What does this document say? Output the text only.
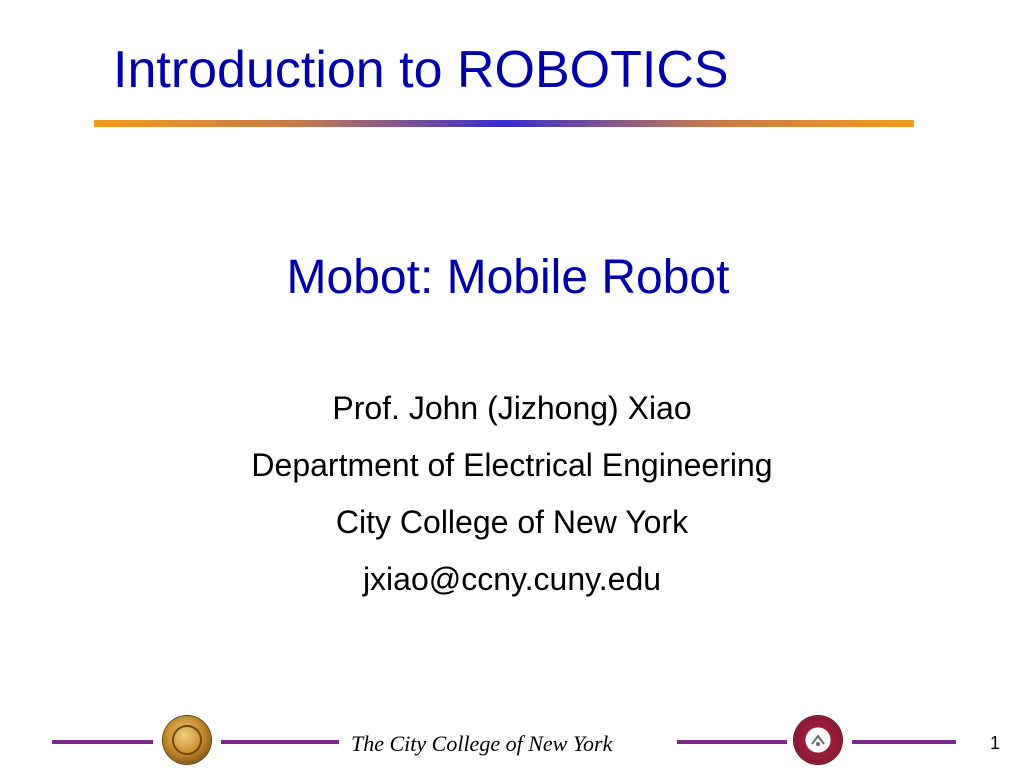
Introduction to ROBOTICS
Mobot: Mobile Robot
Prof. John (Jizhong) Xiao
Department of Electrical Engineering
City College of New York
jxiao@ccny.cuny.edu
The City College of New York	1
